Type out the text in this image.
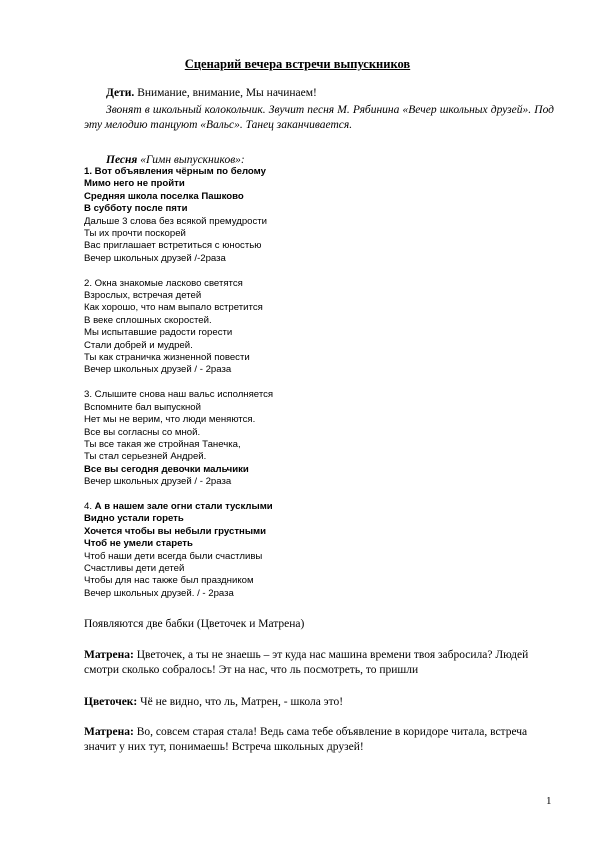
Сценарий вечера встречи выпускников
Дети. Внимание, внимание, Мы начинаем!
Звонят в школьный колокольчик. Звучит песня М. Рябинина «Вечер школьных друзей». Под эту мелодию танцуют «Вальс». Танец заканчивается.
Песня «Гимн выпускников»:
1. Вот объявления чёрным по белому
Мимо него не пройти
Средняя школа поселка Пашково
В субботу после пяти
Дальше 3 слова без всякой премудрости
Ты их прочти поскорей
Вас приглашает встретиться с юностью
Вечер школьных друзей /-2раза
2. Окна знакомые ласково светятся
Взрослых, встречая детей
Как хорошо, что нам выпало встретится
В веке сплошных скоростей.
Мы испытавшие радости горести
Стали добрей и мудрей.
Ты как страничка жизненной повести
Вечер школьных друзей / - 2раза
3. Слышите снова наш вальс исполняется
Вспомните бал выпускной
Нет мы не верим, что люди меняются.
Все вы согласны со мной.
Ты все такая же стройная Танечка,
Ты стал серьезней Андрей.
Все вы сегодня девочки мальчики
Вечер школьных друзей / - 2раза
4. А в нашем зале огни стали тусклыми
Видно устали гореть
Хочется чтобы вы небыли грустными
Чтоб не умели стареть
Чтоб наши дети всегда были счастливы
Счастливы дети детей
Чтобы для нас также был праздником
Вечер школьных друзей. / - 2раза
Появляются две бабки (Цветочек и Матрена)
Матрена: Цветочек, а ты не знаешь – эт куда нас машина времени твоя забросила? Людей смотри сколько собралось! Эт на нас, что ль посмотреть, то пришли
Цветочек: Чё не видно, что ль, Матрен, - школа это!
Матрена: Во, совсем старая стала! Ведь сама тебе объявление в коридоре читала, встреча значит у них тут, понимаешь! Встреча школьных друзей!
1
